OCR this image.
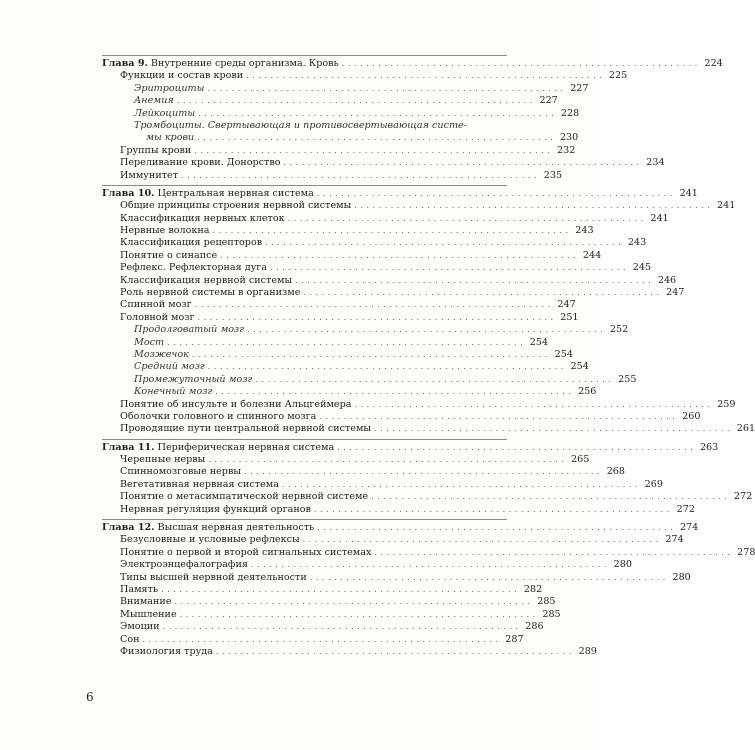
Глава 9. Внутренние среды организма. Кровь . . .	224
Функции и состав крови . . .	225
Эритроциты . . .	227
Анемия . . .	227
Лейкоциты . . .	228
Тромбоциты. Свертывающая и противосвертывающая систе-
мы крови . . .	230
Группы крови . . .	232
Переливание крови. Донорство . . .	234
Иммунитет . . .	235
Глава 10. Центральная нервная система . . .	241
Общие принципы строения нервной системы . . .	241
Классификация нервных клеток . . .	241
Нервные волокна . . .	243
Классификация рецепторов . . .	243
Понятие о синапсе . . .	244
Рефлекс. Рефлекторная дуга . . .	245
Классификация нервной системы . . .	246
Роль нервной системы в организме . . .	247
Спинной мозг . . .	247
Головной мозг . . .	251
Продолговатый мозг . . .	252
Мост . . .	254
Мозжечок . . .	254
Средний мозг . . .	254
Промежуточный мозг . . .	255
Конечный мозг . . .	256
Понятие об инсульте и болезни Альцгеймера . . .	259
Оболочки головного и спинного мозга . . .	260
Проводящие пути центральной нервной системы . . .	261
Глава 11. Периферическая нервная система . . .	263
Черепные нервы . . .	265
Спинномозговые нервы . . .	268
Вегетативная нервная система . . .	269
Понятие о метасимпатической нервной системе . . .	272
Нервная регуляция функций органов . . .	272
Глава 12. Высшая нервная деятельность . . .	274
Безусловные и условные рефлексы . . .	274
Понятие о первой и второй сигнальных системах . . .	278
Электроэнцефалография . . .	280
Типы высшей нервной деятельности . . .	280
Память . . .	282
Внимание . . .	285
Мышление . . .	285
Эмоции . . .	286
Сон . . .	287
Физиология труда . . .	289
6
